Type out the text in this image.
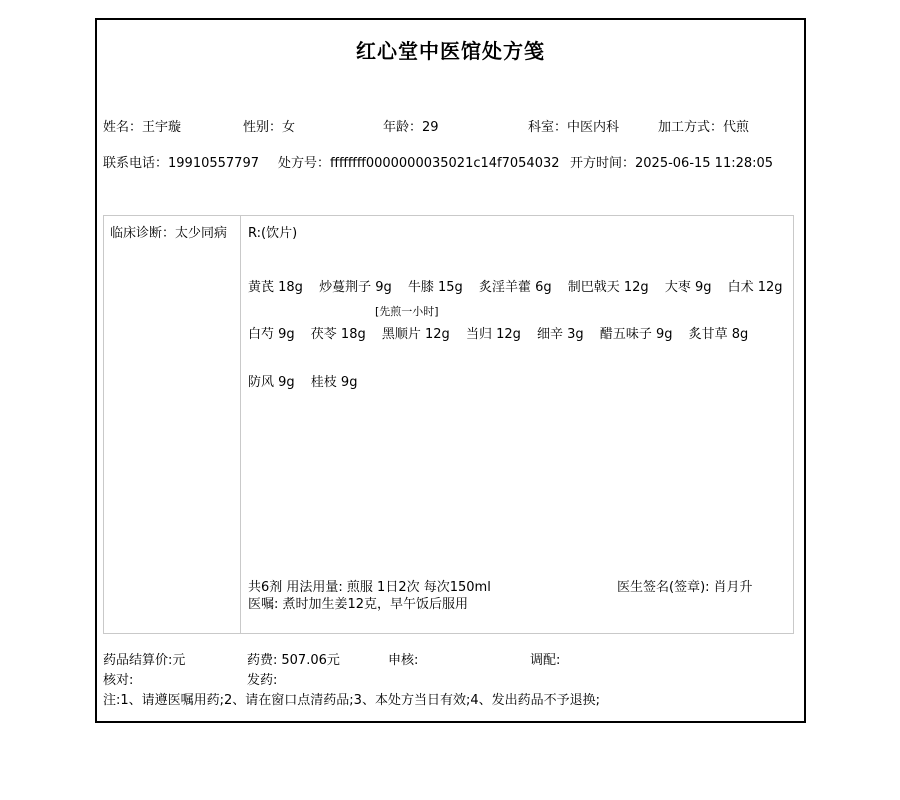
红心堂中医馆处方笺
姓名：王宇璇	性别：女	年龄：29	科室：中医内科	加工方式：代煎
联系电话：19910557797 处方号：ffffffff0000000035021c14f7054032 开方时间：2025-06-15 11:28:05
临床诊断：太少同病	R:(饮片)
黄芪 18g 炒蔓荆子 9g 牛膝 15g 炙淫羊藿 6g 制巴戟天 12g 大枣 9g 白术 12g
[先煎一小时]
白芍 9g 茯苓 18g 黑顺片 12g 当归 12g 细辛 3g 醋五味子 9g 炙甘草 8g
防风 9g 桂枝 9g
共6剂 用法用量: 煎服 1日2次 每次150ml	医生签名(签章): 肖月升
医嘱: 煮时加生姜12克，早午饭后服用
药品结算价:元	药费: 507.06元	申核:	调配:
核对:	发药:
注:1、请遵医嘱用药;2、请在窗口点清药品;3、本处方当日有效;4、发出药品不予退换;
